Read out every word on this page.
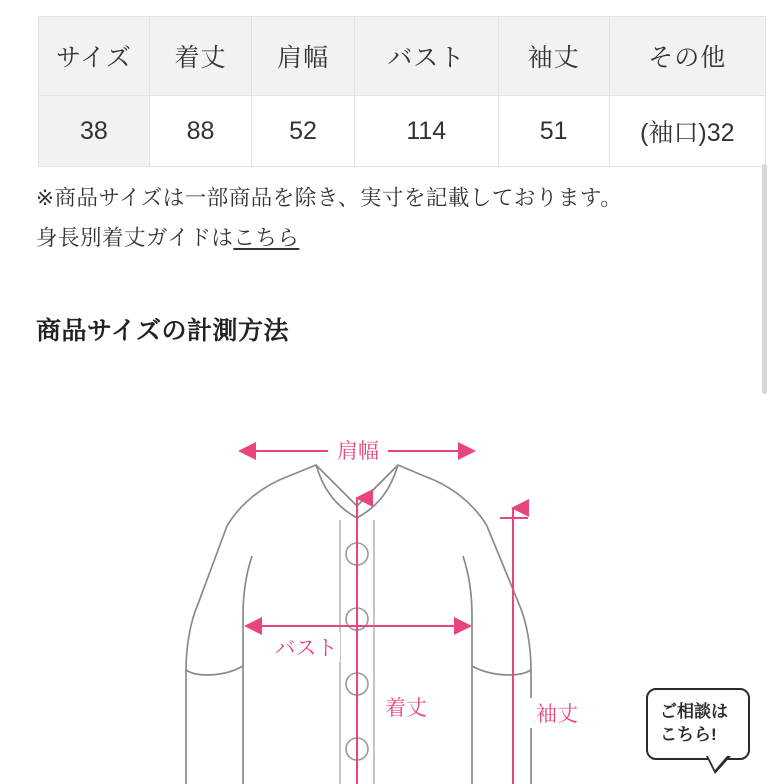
サイズ	着丈	肩幅	バスト	袖丈	その他
38	88	52	114	51	(袖口)32
※商品サイズは一部商品を除き、実寸を記載しております。
身長別着丈ガイドはこちら
商品サイズの計測方法
肩幅
バスト
着丈	袖丈	ご相談は
こちら!
